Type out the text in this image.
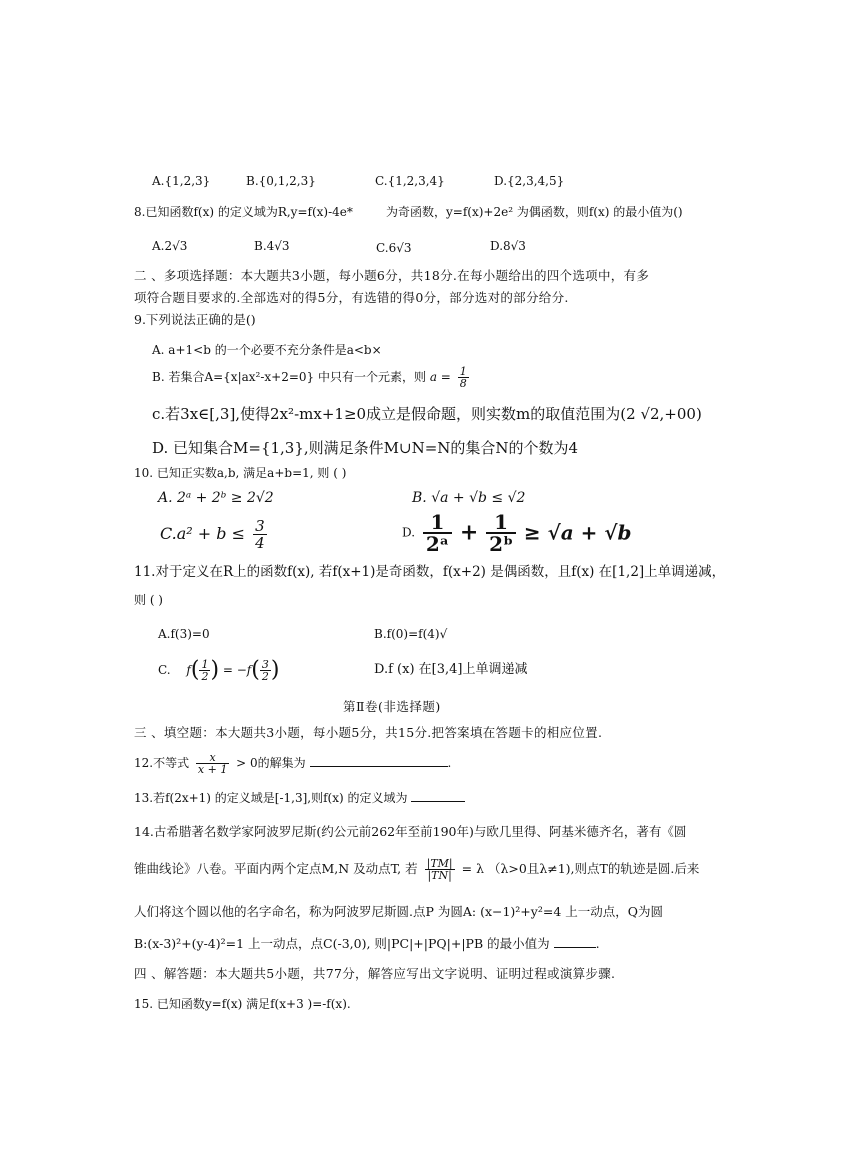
A.{1,2,3}	B.{0,1,2,3}	C.{1,2,3,4}	D.{2,3,4,5}
8.已知函数f(x) 的定义域为R,y=f(x)-4e*	为奇函数，y=f(x)+2e² 为偶函数，则f(x) 的最小值为()
A.2√3	B.4√3	C.6√3	D.8√3
二 、多项选择题：本大题共3小题，每小题6分，共18分.在每小题给出的四个选项中，有多
项符合题目要求的.全部选对的得5分，有选错的得0分，部分选对的部分给分.
9.下列说法正确的是()
A. a+1<b 的一个必要不充分条件是a<b×
B. 若集合A={x|ax²-x+2=0} 中只有一个元素，则 $a = \frac{1}{8}$
c.若3x∈[,3],使得2x²-mx+1≥0成立是假命题，则实数m的取值范围为(2 √2,+00)
D. 已知集合M={1,3},则满足条件M∪N=N的集合N的个数为4
10. 已知正实数a,b, 满足a+b=1, 则 ( )
A. 2ᵃ + 2ᵇ ≥ 2√2	B. √a + √b ≤ √2
$C.a^2 + b \le \frac{3}{4}$	D. $\frac{1}{\text{2ᵃ}} + \frac{1}{\text{2ᵇ}} \ge √a + √b$
11.对于定义在R上的函数f(x), 若f(x+1)是奇函数，f(x+2) 是偶函数，且f(x) 在[1,2]上单调递减，
则 ( )
A.f(3)=0	B.f(0)=f(4)√
C. $f( \frac{1}{2}$ ) = $-f( \frac{3}{2}$ )	D.f (x) 在[3,4]上单调递减
第Ⅱ卷(非选择题)
三 、填空题：本大题共3小题，每小题5分，共15分.把答案填在答题卡的相应位置.
12.不等式 $\frac{x}{x + 1} > 0$的解集为	.
13.若f(2x+1) 的定义域是[-1,3],则f(x) 的定义域为
14.古希腊著名数学家阿波罗尼斯(约公元前262年至前190年)与欧几里得、阿基米德齐名，著有《圆
锥曲线论》八卷。平面内两个定点M,N 及动点T, 若 $\frac{|TM|}{|TN|} = \lambda$ （λ>0且λ≠1),则点T的轨迹是圆.后来
人们将这个圆以他的名字命名，称为阿波罗尼斯圆.点P 为圆A: (x−1)²+y²=4 上一动点，Q为圆
B:(x-3)²+(y-4)²=1 上一动点，点C(-3,0), 则|PC|+|PQ|+|PB 的最小值为	.
四 、解答题：本大题共5小题，共77分，解答应写出文字说明、证明过程或演算步骤.
15. 已知函数y=f(x) 满足f(x+3 )=-f(x).
